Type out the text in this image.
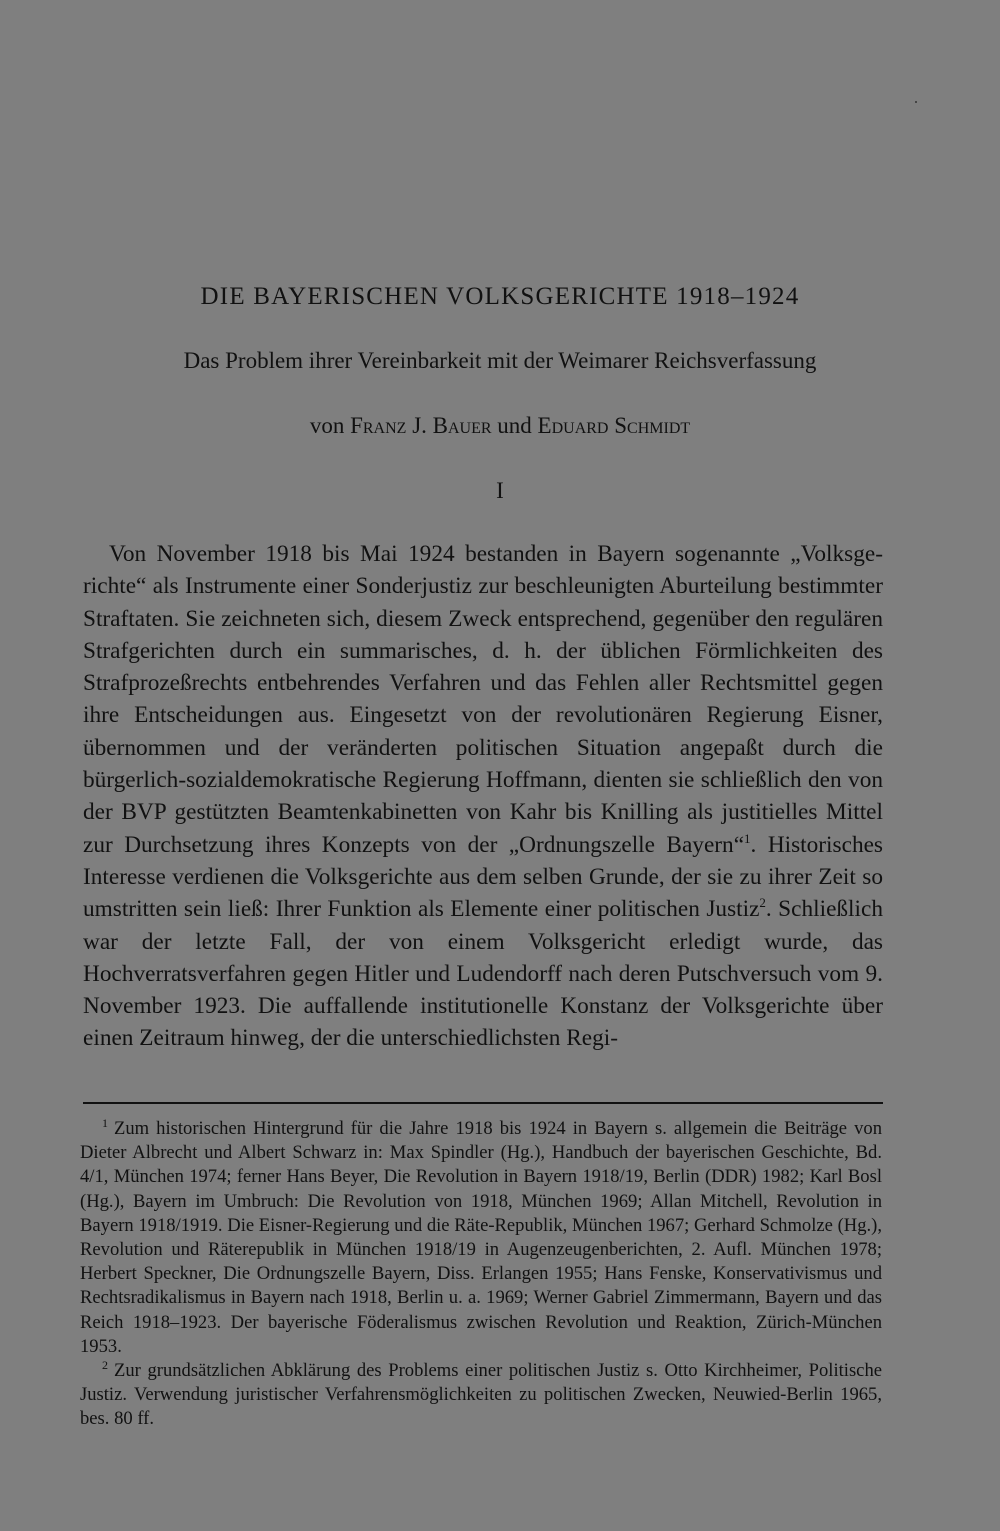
DIE BAYERISCHEN VOLKSGERICHTE 1918–1924

Das Problem ihrer Vereinbarkeit mit der Weimarer Reichsverfassung

von Franz J. Bauer und Eduard Schmidt

I

Von November 1918 bis Mai 1924 bestanden in Bayern sogenannte „Volksgerichte“ als Instrumente einer Sonderjustiz zur beschleunigten Aburteilung bestimmter Straftaten. Sie zeichneten sich, diesem Zweck entsprechend, gegenüber den regulären Strafgerichten durch ein summarisches, d. h. der üblichen Förmlichkeiten des Strafprozeßrechts entbehrendes Verfahren und das Fehlen aller Rechtsmittel gegen ihre Entscheidungen aus. Eingesetzt von der revolutionären Regierung Eisner, übernommen und der veränderten politischen Situation angepaßt durch die bürgerlich-sozialdemokratische Regierung Hoffmann, dienten sie schließlich den von der BVP gestützten Beamtenkabinetten von Kahr bis Knilling als justitielles Mittel zur Durchsetzung ihres Konzepts von der „Ordnungszelle Bayern“$^1$. Historisches Interesse verdienen die Volksgerichte aus dem selben Grunde, der sie zu ihrer Zeit so umstritten sein ließ: Ihrer Funktion als Elemente einer politischen Justiz$^2$. Schließlich war der letzte Fall, der von einem Volksgericht erledigt wurde, das Hochverratsverfahren gegen Hitler und Ludendorff nach deren Putschversuch vom 9. November 1923. Die auffallende institutionelle Konstanz der Volksgerichte über einen Zeitraum hinweg, der die unterschiedlichsten Regi-

$^1$ Zum historischen Hintergrund für die Jahre 1918 bis 1924 in Bayern s. allgemein die Beiträge von Dieter Albrecht und Albert Schwarz in: Max Spindler (Hg.), Handbuch der bayerischen Geschichte, Bd. 4/1, München 1974; ferner Hans Beyer, Die Revolution in Bayern 1918/19, Berlin (DDR) 1982; Karl Bosl (Hg.), Bayern im Umbruch: Die Revolution von 1918, München 1969; Allan Mitchell, Revolution in Bayern 1918/1919. Die Eisner-Regierung und die Räte-Republik, München 1967; Gerhard Schmolze (Hg.), Revolution und Räterepublik in München 1918/19 in Augenzeugenberichten, 2. Aufl. München 1978; Herbert Speckner, Die Ordnungszelle Bayern, Diss. Erlangen 1955; Hans Fenske, Konservativismus und Rechtsradikalismus in Bayern nach 1918, Berlin u. a. 1969; Werner Gabriel Zimmermann, Bayern und das Reich 1918–1923. Der bayerische Föderalismus zwischen Revolution und Reaktion, Zürich-München 1953.

$^2$ Zur grundsätzlichen Abklärung des Problems einer politischen Justiz s. Otto Kirchheimer, Politische Justiz. Verwendung juristischer Verfahrensmöglichkeiten zu politischen Zwecken, Neuwied-Berlin 1965, bes. 80 ff.
